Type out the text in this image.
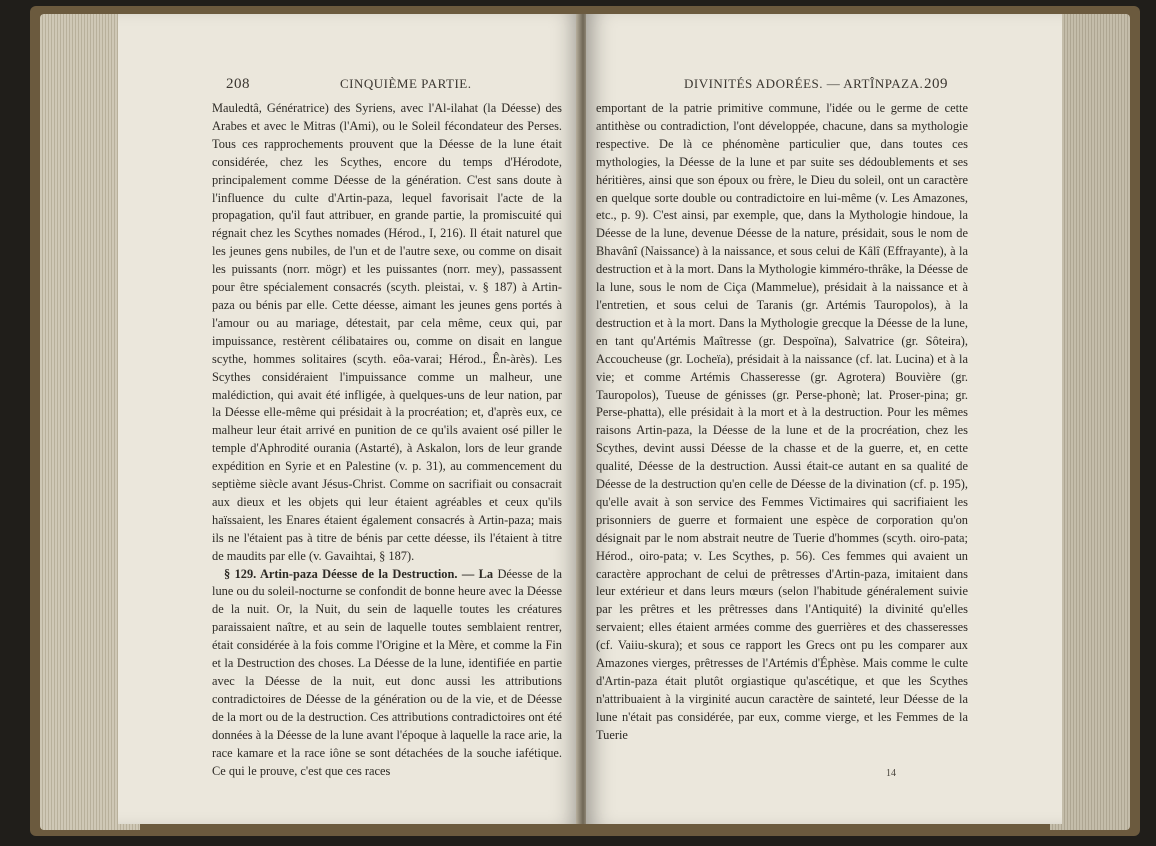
208	CINQUIÈME PARTIE.

Mauledtâ, Génératrice) des Syriens, avec l'Al-ilahat (la Déesse) des Arabes et avec le Mitras (l'Ami), ou le Soleil fécondateur des Perses. Tous ces rapprochements prouvent que la Déesse de la lune était considérée, chez les Scythes, encore du temps d'Hérodote, principalement comme Déesse de la génération. C'est sans doute à l'influence du culte d'Artin-paza, lequel favorisait l'acte de la propagation, qu'il faut attribuer, en grande partie, la promiscuité qui régnait chez les Scythes nomades (Hérod., I, 216). Il était naturel que les jeunes gens nubiles, de l'un et de l'autre sexe, ou comme on disait les puissants (norr. mögr) et les puissantes (norr. mey), passassent pour être spécialement consacrés (scyth. pleistai, v. § 187) à Artin-paza ou bénis par elle. Cette déesse, aimant les jeunes gens portés à l'amour ou au mariage, détestait, par cela même, ceux qui, par impuissance, restèrent célibataires ou, comme on disait en langue scythe, hommes solitaires (scyth. eôa-varai; Hérod., Ên-àrès). Les Scythes considéraient l'impuissance comme un malheur, une malédiction, qui avait été infligée, à quelques-uns de leur nation, par la Déesse elle-même qui présidait à la procréation; et, d'après eux, ce malheur leur était arrivé en punition de ce qu'ils avaient osé piller le temple d'Aphrodité ourania (Astarté), à Askalon, lors de leur grande expédition en Syrie et en Palestine (v. p. 31), au commencement du septième siècle avant Jésus-Christ. Comme on sacrifiait ou consacrait aux dieux et les objets qui leur étaient agréables et ceux qu'ils haïssaient, les Enares étaient également consacrés à Artin-paza; mais ils ne l'étaient pas à titre de bénis par cette déesse, ils l'étaient à titre de maudits par elle (v. Gavaihtai, § 187).

§ 129. Artin-paza Déesse de la Destruction. — La Déesse de la lune ou du soleil-nocturne se confondit de bonne heure avec la Déesse de la nuit. Or, la Nuit, du sein de laquelle toutes les créatures paraissaient naître, et au sein de laquelle toutes semblaient rentrer, était considérée à la fois comme l'Origine et la Mère, et comme la Fin et la Destruction des choses. La Déesse de la lune, identifiée en partie avec la Déesse de la nuit, eut donc aussi les attributions contradictoires de Déesse de la génération ou de la vie, et de Déesse de la mort ou de la destruction. Ces attributions contradictoires ont été données à la Déesse de la lune avant l'époque à laquelle la race arie, la race kamare et la race iône se sont détachées de la souche iafétique. Ce qui le prouve, c'est que ces races

DIVINITÉS ADORÉES. — ARTÎNPAZA. 209

emportant de la patrie primitive commune, l'idée ou le germe de cette antithèse ou contradiction, l'ont développée, chacune, dans sa mythologie respective. De là ce phénomène particulier que, dans toutes ces mythologies, la Déesse de la lune et par suite ses dédoublements et ses héritières, ainsi que son époux ou frère, le Dieu du soleil, ont un caractère en quelque sorte double ou contradictoire en lui-même (v. Les Amazones, etc., p. 9). C'est ainsi, par exemple, que, dans la Mythologie hindoue, la Déesse de la lune, devenue Déesse de la nature, présidait, sous le nom de Bhavânî (Naissance) à la naissance, et sous celui de Kâlî (Effrayante), à la destruction et à la mort. Dans la Mythologie kimméro-thrâke, la Déesse de la lune, sous le nom de Ciça (Mammelue), présidait à la naissance et à l'entretien, et sous celui de Taranis (gr. Artémis Tauropolos), à la destruction et à la mort. Dans la Mythologie grecque la Déesse de la lune, en tant qu'Artémis Maîtresse (gr. Despoïna), Salvatrice (gr. Sôteira), Accoucheuse (gr. Locheïa), présidait à la naissance (cf. lat. Lucina) et à la vie; et comme Artémis Chasseresse (gr. Agrotera) Bouvière (gr. Tauropolos), Tueuse de génisses (gr. Perse-phonè; lat. Proser-pina; gr. Perse-phatta), elle présidait à la mort et à la destruction. Pour les mêmes raisons Artin-paza, la Déesse de la lune et de la procréation, chez les Scythes, devint aussi Déesse de la chasse et de la guerre, et, en cette qualité, Déesse de la destruction. Aussi était-ce autant en sa qualité de Déesse de la destruction qu'en celle de Déesse de la divination (cf. p. 195), qu'elle avait à son service des Femmes Victimaires qui sacrifiaient les prisonniers de guerre et formaient une espèce de corporation qu'on désignait par le nom abstrait neutre de Tuerie d'hommes (scyth. oiro-pata; Hérod., oiro-pata; v. Les Scythes, p. 56). Ces femmes qui avaient un caractère approchant de celui de prêtresses d'Artin-paza, imitaient dans leur extérieur et dans leurs mœurs (selon l'habitude généralement suivie par les prêtres et les prêtresses dans l'Antiquité) la divinité qu'elles servaient; elles étaient armées comme des guerrières et des chasseresses (cf. Vaiiu-skura); et sous ce rapport les Grecs ont pu les comparer aux Amazones vierges, prêtresses de l'Artémis d'Éphèse. Mais comme le culte d'Artin-paza était plutôt orgiastique qu'ascétique, et que les Scythes n'attribuaient à la virginité aucun caractère de sainteté, leur Déesse de la lune n'était pas considérée, par eux, comme vierge, et les Femmes de la Tuerie

14
